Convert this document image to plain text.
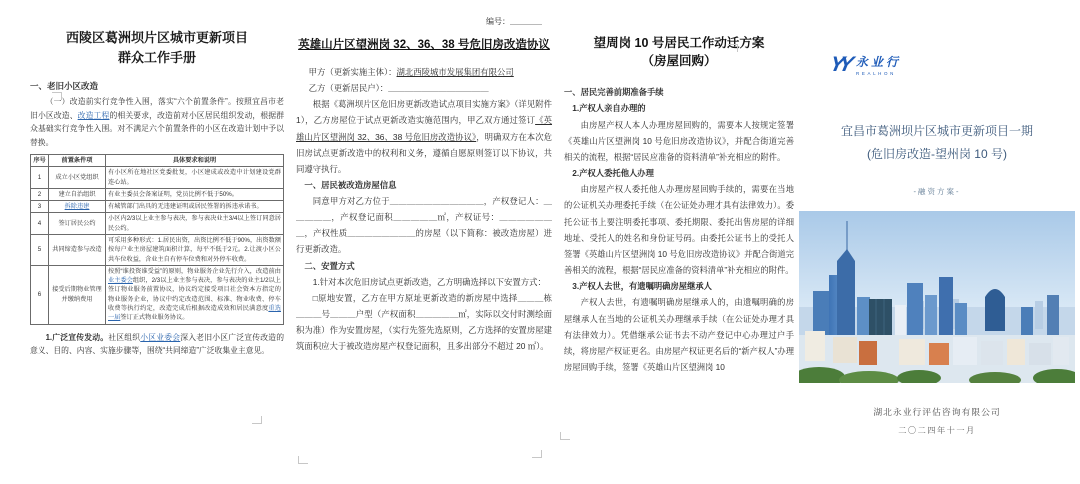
西陵区葛洲坝片区城市更新项目
群众工作手册
一、老旧小区改造
（一）改造前实行竞争性入围，落实“六个前置条件”。按照宜昌市老旧小区改造、改造工程的相关要求，改造前对小区居民组织发动，根据群众基础实行竞争性入围。对不满足六个前置条件的小区在改造计划中予以替换。
序号	前置条件项	具体要求和说明
1	成立小区党组织	有小区所在地社区党委批复，小区建成或改造中计划建设党群连心站。
2	建立自治组织	有业主委员会备案证明，党员比例不低于50%。
3	拆除违建	有城管部门出具的无违建证明或居民签署的拆违承诺书。
4	签订居民公约	小区内2/3以上业主参与表决，参与表决业主3/4以上签订同意居民公约。
5	共同缔造参与改造	可采用多种形式：1.居民出资，出资比例不低于90%，出资数额按每户业主房屋建筑面积计算，每平不低于2元。2.让渡小区公共车位收益，含业主自有停车位费和对外停车收费。
6	接受后期物业管理并缴纳费用	按照“谁投资谁受益”的原则，物业服务企业先行介入，改造前由业主委会组织，2/3以上业主参与表决，参与表决的业主1/2以上签订物业服务前置协议，协议约定接受项目社会资本方指定的物业服务企业，协议中约定改造范围、标准、物业收费、停车收费等执行约定，改造完成后根据改造成效和居民满意度重选一届签订正式物业服务协议。
1.广泛宣传发动。社区组织小区业委会深入老旧小区广泛宣传改造的意义、目的、内容、实施步骤等，围绕“共同缔造”广泛收集业主意见。
编号：＿＿＿＿
英雄山片区望洲岗 32、36、38 号危旧房改造协议

甲方（更新实施主体）：湖北西陵城市发展集团有限公司

乙方（更新居民户）：＿＿＿＿＿＿＿＿＿＿＿＿

根据《葛洲坝片区危旧房更新改造试点项目实施方案》（详见附件 1），乙方房屋位于试点更新改造实施范围内，甲乙双方通过签订《英雄山片区望洲岗 32、36、38 号危旧房改造协议》，明确双方在本次危旧房试点更新改造中的权利和义务，遵循自愿原则签订以下协议，共同遵守执行。

一、居民被改造房屋信息

同意甲方对乙方位于＿＿＿＿＿＿＿＿＿＿＿，产权登记人：＿＿＿＿＿，产权登记面积＿＿＿＿＿㎡，产权证号：＿＿＿＿＿＿＿，产权性质＿＿＿＿＿＿＿＿的房屋（以下简称：被改造房屋）进行更新改造。

二、安置方式

1.针对本次危旧房试点更新改造，乙方明确选择以下安置方式：

□原地安置，乙方在甲方原址更新改造的新房屋中选择＿＿＿栋＿＿＿号＿＿＿户型（产权面积＿＿＿＿＿㎡，实际以交付时测绘面积为准）作为安置房屋，（实行先签先选原则，乙方选择的安置房屋建筑面积应大于被改造房屋产权登记面积，且多出部分不超过 20 ㎡）。

望周岗 10 号居民工作动迁方案
（房屋回购）

一、居民完善前期准备手续

1.产权人亲自办理的

由房屋产权人本人办理房屋回购的，需要本人按规定签署《英雄山片区望洲岗 10 号危旧房改造协议》，并配合街道完善相关的流程，根据“居民应准备的资料清单”补充相应的附件。

2.产权人委托他人办理

由房屋产权人委托他人办理房屋回购手续的，需要在当地的公证机关办理委托手续（在公证处办理才具有法律效力）。委托公证书上要注明委托事项、委托期限、委托出售房屋的详细地址、受托人的姓名和身份证号码。由委托公证书上的受托人签署《英雄山片区望洲岗 10 号危旧房改造协议》并配合街道完善相关的流程，根据“居民应准备的资料清单”补充相应的附件。

3.产权人去世，有遗嘱明确房屋继承人

产权人去世，有遗嘱明确房屋继承人的，由遗嘱明确的房屋继承人在当地的公证机关办理继承手续（在公证处办理才具有法律效力）。凭借继承公证书去不动产登记中心办理过户手续，将房屋产权证更名。由房屋产权证更名后的“新产权人”办理房屋回购手续，签署《英雄山片区望洲岗 10

YY 永业行
REALHON
宜昌市葛洲坝片区城市更新项目一期
(危旧房改造-望州岗 10 号)
-融资方案-
湖北永业行评估咨询有限公司
二〇二四年十一月
